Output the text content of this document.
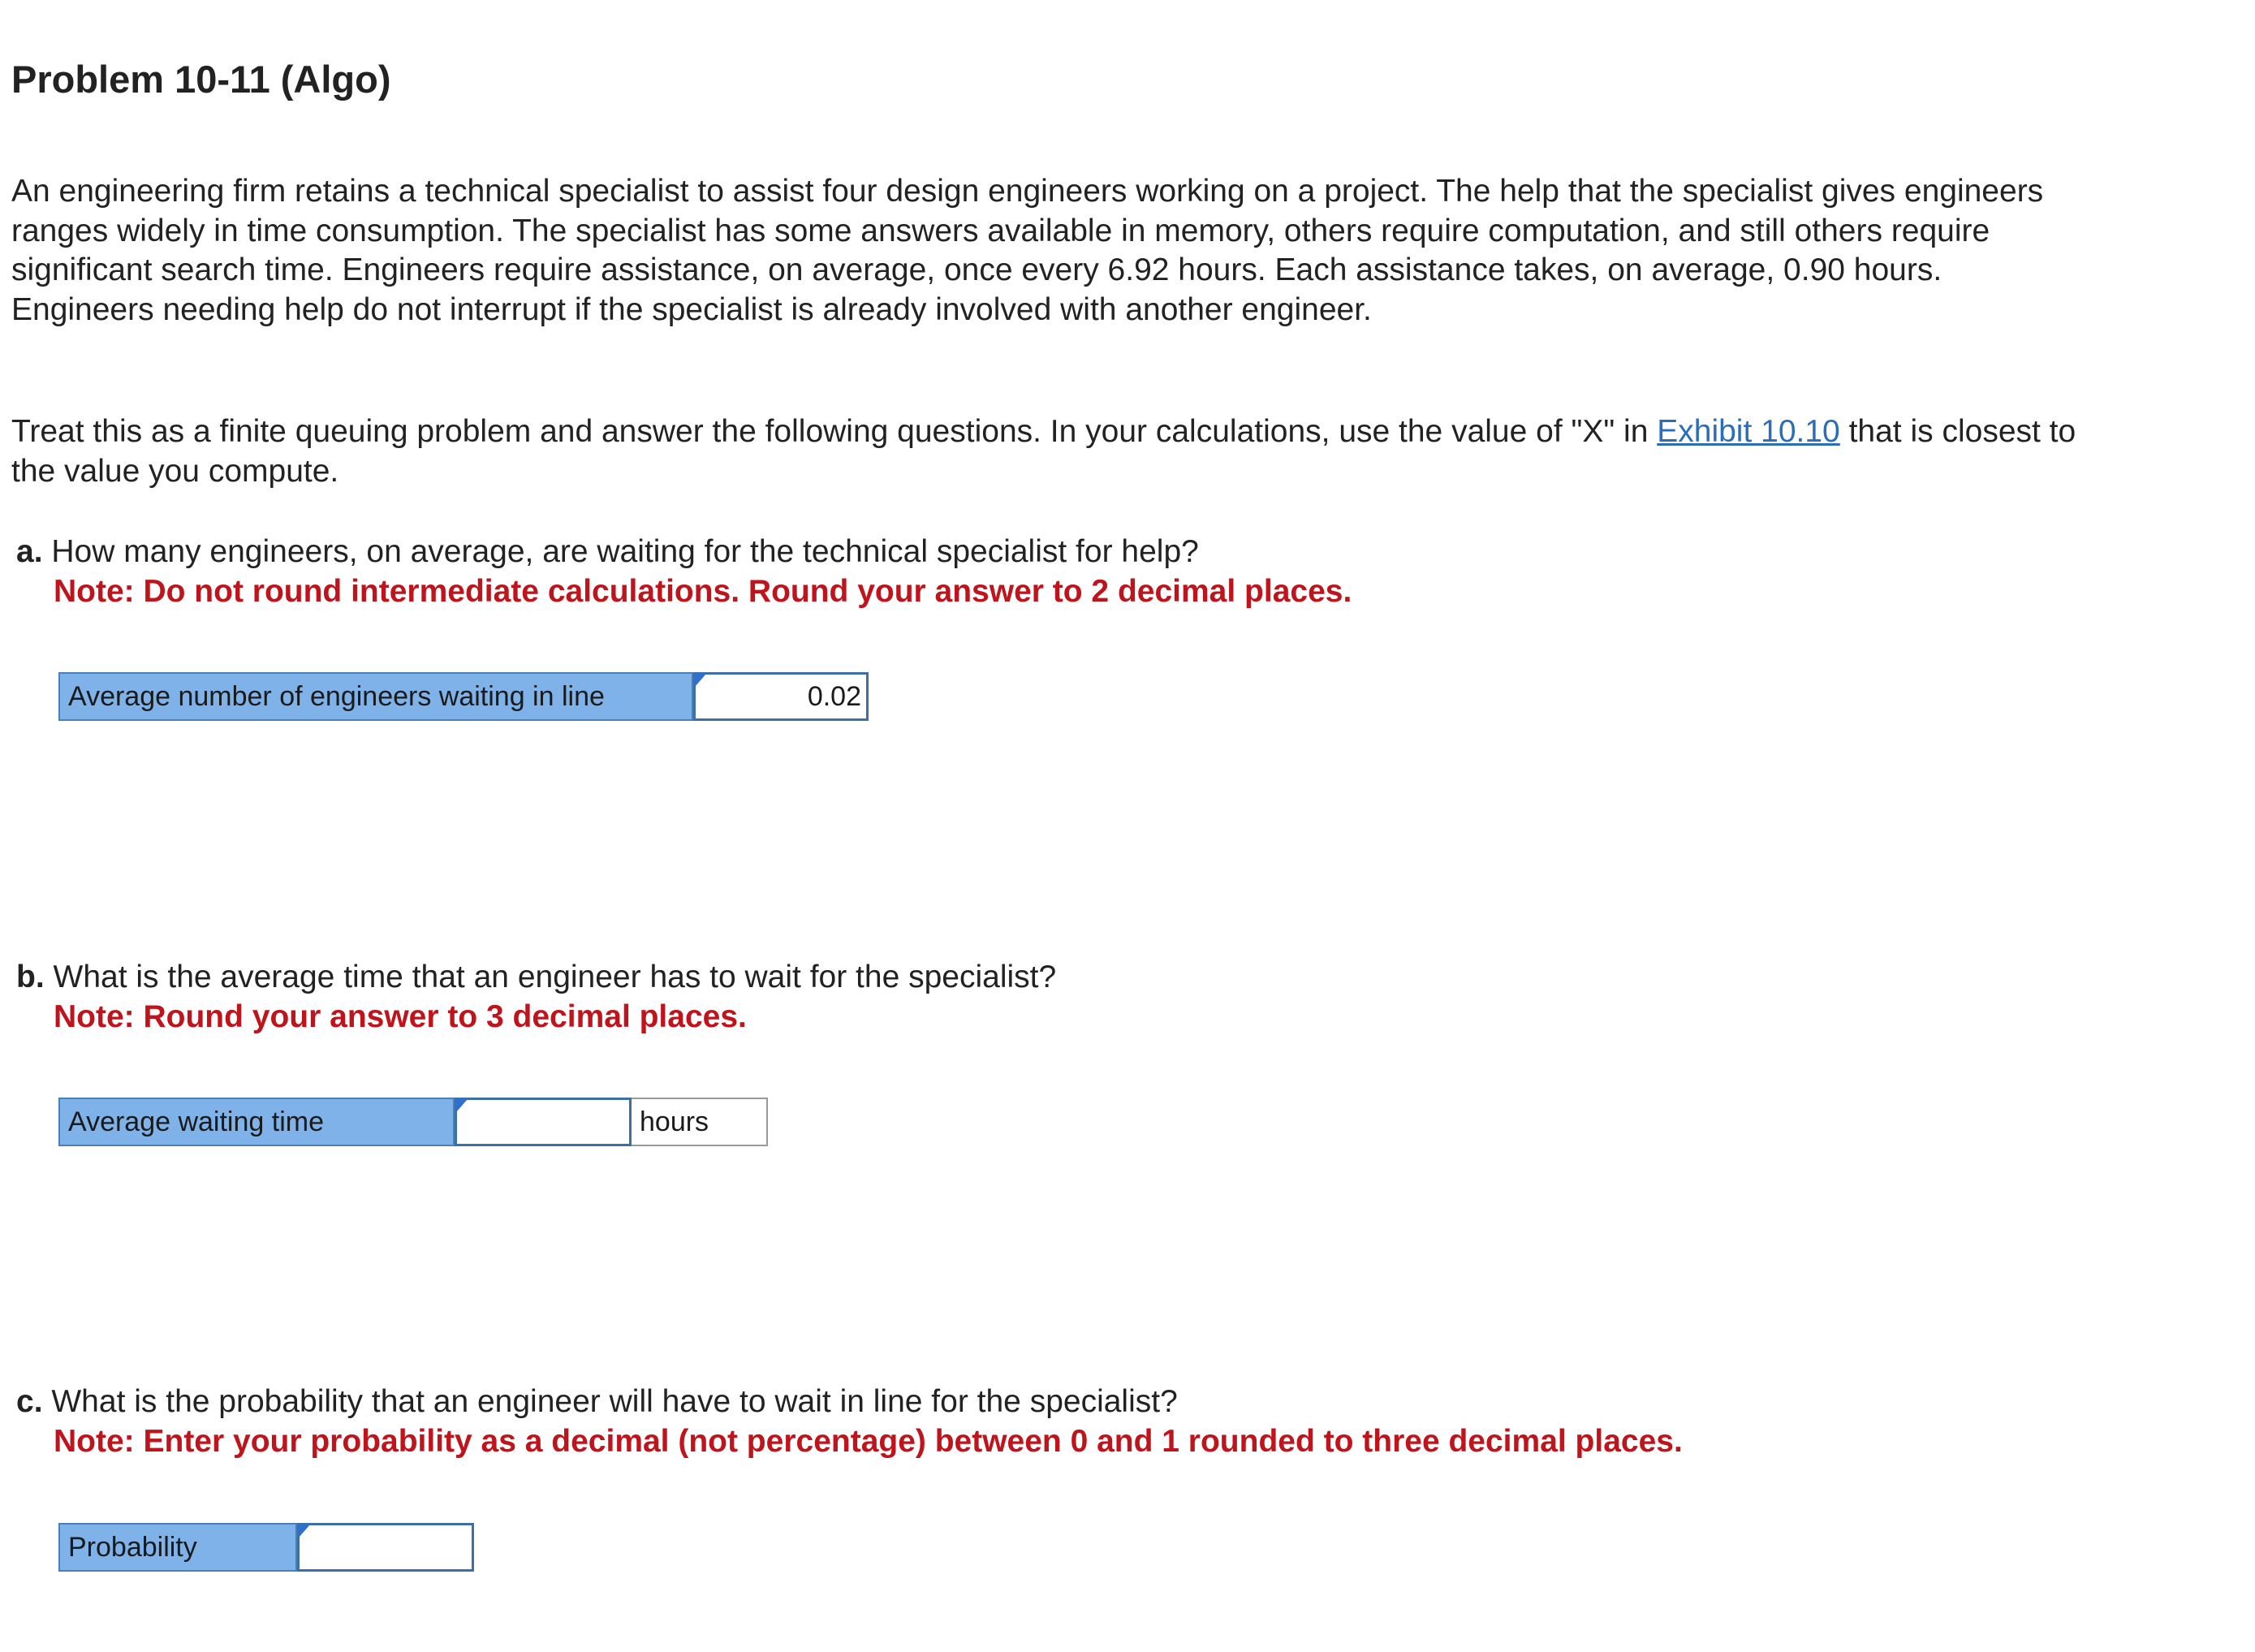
Problem 10-11 (Algo)

An engineering firm retains a technical specialist to assist four design engineers working on a project. The help that the specialist gives engineers ranges widely in time consumption. The specialist has some answers available in memory, others require computation, and still others require significant search time. Engineers require assistance, on average, once every 6.92 hours. Each assistance takes, on average, 0.90 hours. Engineers needing help do not interrupt if the specialist is already involved with another engineer.

Treat this as a finite queuing problem and answer the following questions. In your calculations, use the value of "X" in Exhibit 10.10 that is closest to the value you compute.

a. How many engineers, on average, are waiting for the technical specialist for help?

Note: Do not round intermediate calculations. Round your answer to 2 decimal places.

Average number of engineers waiting in line
0.02

b. What is the average time that an engineer has to wait for the specialist?

Note: Round your answer to 3 decimal places.

Average waiting time	hours

c. What is the probability that an engineer will have to wait in line for the specialist?

Note: Enter your probability as a decimal (not percentage) between 0 and 1 rounded to three decimal places.

Probability
